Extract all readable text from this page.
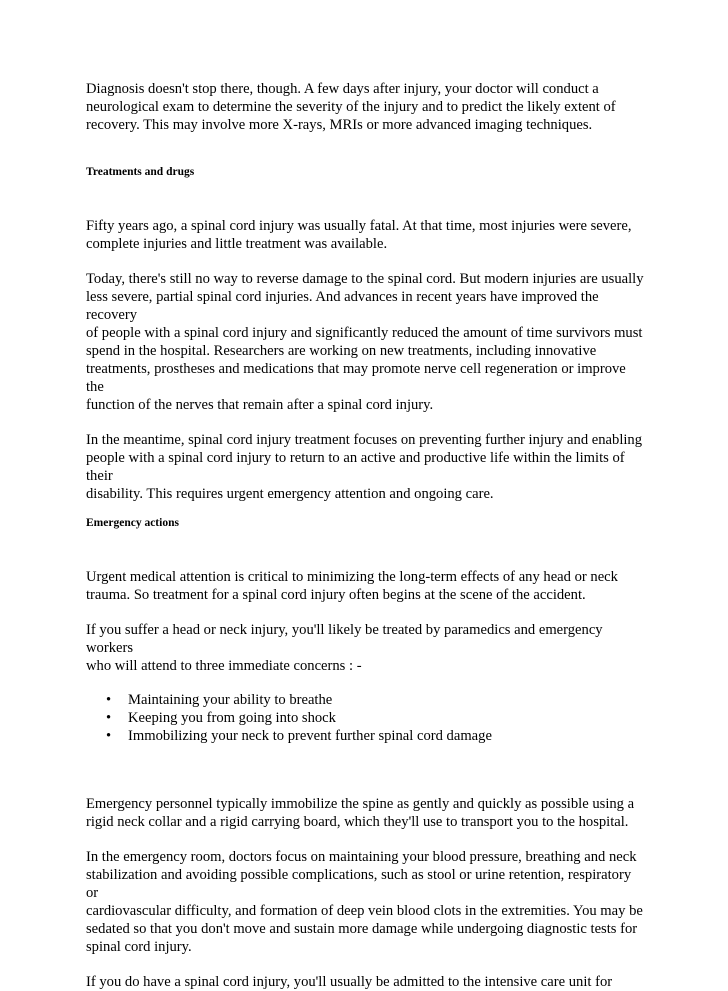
Diagnosis doesn't stop there, though. A few days after injury, your doctor will conduct a
neurological exam to determine the severity of the injury and to predict the likely extent of
recovery. This may involve more X-rays, MRIs or more advanced imaging techniques.

Treatments and drugs

Fifty years ago, a spinal cord injury was usually fatal. At that time, most injuries were severe,
complete injuries and little treatment was available.

Today, there's still no way to reverse damage to the spinal cord. But modern injuries are usually
less severe, partial spinal cord injuries. And advances in recent years have improved the recovery
of people with a spinal cord injury and significantly reduced the amount of time survivors must
spend in the hospital. Researchers are working on new treatments, including innovative
treatments, prostheses and medications that may promote nerve cell regeneration or improve the
function of the nerves that remain after a spinal cord injury.

In the meantime, spinal cord injury treatment focuses on preventing further injury and enabling
people with a spinal cord injury to return to an active and productive life within the limits of their
disability. This requires urgent emergency attention and ongoing care.

Emergency actions

Urgent medical attention is critical to minimizing the long-term effects of any head or neck
trauma. So treatment for a spinal cord injury often begins at the scene of the accident.

If you suffer a head or neck injury, you'll likely be treated by paramedics and emergency workers
who will attend to three immediate concerns : -

• Maintaining your ability to breathe
• Keeping you from going into shock
• Immobilizing your neck to prevent further spinal cord damage

Emergency personnel typically immobilize the spine as gently and quickly as possible using a
rigid neck collar and a rigid carrying board, which they'll use to transport you to the hospital.

In the emergency room, doctors focus on maintaining your blood pressure, breathing and neck
stabilization and avoiding possible complications, such as stool or urine retention, respiratory or
cardiovascular difficulty, and formation of deep vein blood clots in the extremities. You may be
sedated so that you don't move and sustain more damage while undergoing diagnostic tests for
spinal cord injury.

If you do have a spinal cord injury, you'll usually be admitted to the intensive care unit for
